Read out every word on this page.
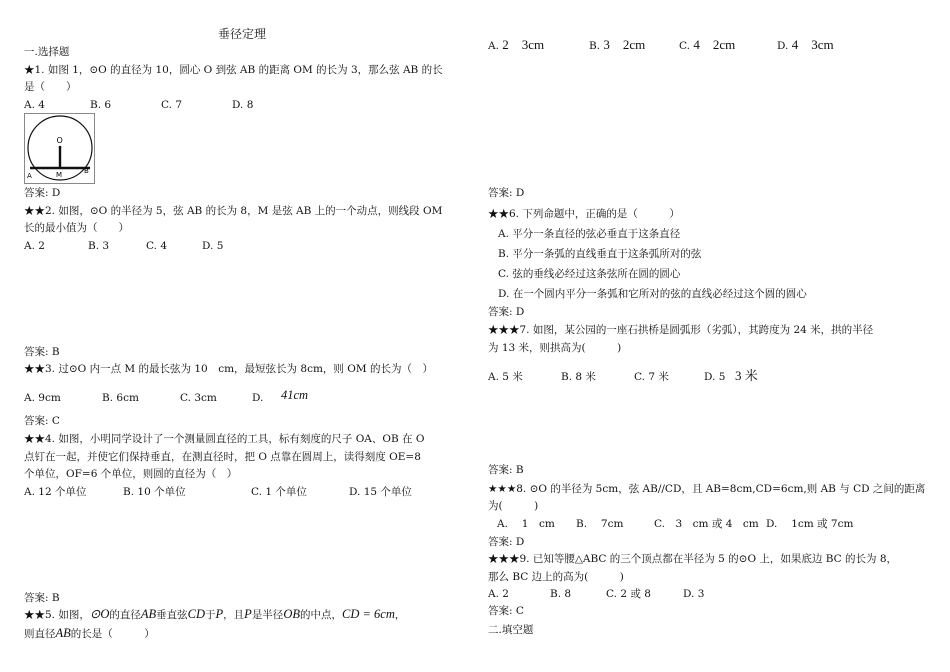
垂径定理
一.选择题
★1. 如图 1，⊙O 的直径为 10，圆心 O 到弦 AB 的距离 OM 的长为 3，那么弦 AB 的长
是（　　）
A. 4	B. 6	C. 7	D. 8
O
A	M	B
答案: D
★★2. 如图，⊙O 的半径为 5，弦 AB 的长为 8，M 是弦 AB 上的一个动点，则线段 OM
长的最小值为（　　）
A. 2	B. 3	C. 4	D. 5
答案: B
★★3. 过⊙O 内一点 M 的最长弦为 10　cm，最短弦长为 8cm，则 OM 的长为（　）
A. 9cm	B. 6cm	C. 3cm	D. 41cm
答案: C
★★4. 如图，小明同学设计了一个测量圆直径的工具，标有刻度的尺子 OA、OB 在 O
点钉在一起，并使它们保持垂直，在测直径时，把 O 点靠在圆周上，读得刻度 OE=8
个单位，OF=6 个单位，则圆的直径为（　）
A. 12 个单位	B. 10 个单位	C. 1 个单位	D. 15 个单位
答案: B
★★5. 如图，⊙O的直径AB垂直弦CD于P，且P是半径OB的中点，CD = 6cm，
则直径AB的长是（　　　）
A. 2　3cm	B. 3　2cm	C. 4　2cm	D. 4　3cm
答案: D
★★6. 下列命题中，正确的是（　　　）
A. 平分一条直径的弦必垂直于这条直径
B. 平分一条弧的直线垂直于这条弧所对的弦
C. 弦的垂线必经过这条弦所在圆的圆心
D. 在一个圆内平分一条弧和它所对的弦的直线必经过这个圆的圆心
答案: D
★★★7. 如图，某公园的一座石拱桥是圆弧形（劣弧），其跨度为 24 米，拱的半径
为 13 米，则拱高为(　　　)
A. 5 米	B. 8 米	C. 7 米	D. 5 3 米
答案: B
★★★8. ⊙O 的半径为 5cm，弦 AB//CD，且 AB=8cm,CD=6cm,则 AB 与 CD 之间的距离
为(　　　)
A.　 1　cm B.　 7cm	C.　3　cm 或 4　cm D.　 1cm 或 7cm
答案: D
★★★9. 已知等腰△ABC 的三个顶点都在半径为 5 的⊙O 上，如果底边 BC 的长为 8，
那么 BC 边上的高为(　　　)
A. 2	B. 8	C. 2 或 8	D. 3
答案: C
二.填空题
